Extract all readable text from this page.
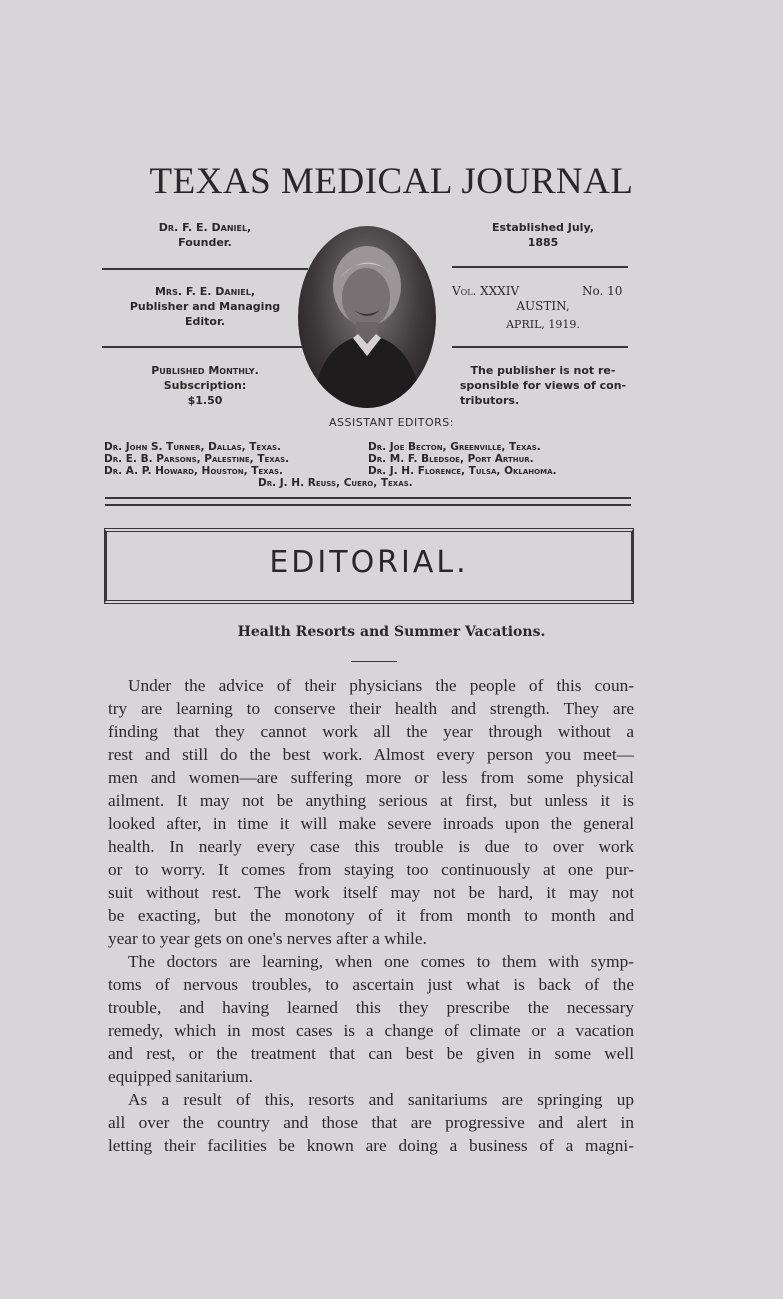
TEXAS MEDICAL JOURNAL
Dr. F. E. Daniel,
Founder.
Mrs. F. E. Daniel,
Publisher and Managing
Editor.
Published Monthly.
Subscription:
$1.50
Established July,
1885
Vol. XXXIV	No. 10
AUSTIN,
APRIL, 1919.
The publisher is not re-
sponsible for views of con-
tributors.
ASSISTANT EDITORS:
Dr. John S. Turner, Dallas, Texas.
Dr. E. B. Parsons, Palestine, Texas.
Dr. A. P. Howard, Houston, Texas.
Dr. Joe Becton, Greenville, Texas.
Dr. M. F. Bledsoe, Port Arthur.
Dr. J. H. Florence, Tulsa, Oklahoma.
Dr. J. H. Reuss, Cuero, Texas.
EDITORIAL.
Health Resorts and Summer Vacations.
Under the advice of their physicians the people of this coun-
try are learning to conserve their health and strength. They are
finding that they cannot work all the year through without a
rest and still do the best work. Almost every person you meet—
men and women—are suffering more or less from some physical
ailment. It may not be anything serious at first, but unless it is
looked after, in time it will make severe inroads upon the general
health. In nearly every case this trouble is due to over work
or to worry. It comes from staying too continuously at one pur-
suit without rest. The work itself may not be hard, it may not
be exacting, but the monotony of it from month to month and
year to year gets on one's nerves after a while.
The doctors are learning, when one comes to them with symp-
toms of nervous troubles, to ascertain just what is back of the
trouble, and having learned this they prescribe the necessary
remedy, which in most cases is a change of climate or a vacation
and rest, or the treatment that can best be given in some well
equipped sanitarium.
As a result of this, resorts and sanitariums are springing up
all over the country and those that are progressive and alert in
letting their facilities be known are doing a business of a magni-
